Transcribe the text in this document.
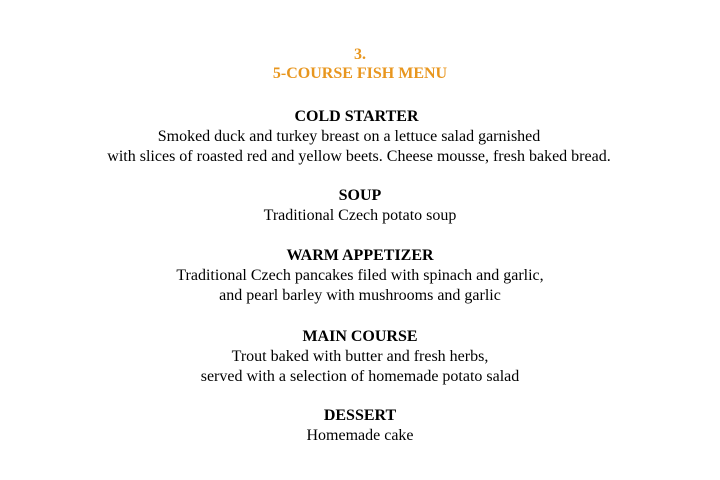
3.
5-COURSE FISH MENU
COLD STARTER
Smoked duck and turkey breast on a lettuce salad garnished
with slices of roasted red and yellow beets. Cheese mousse, fresh baked bread.
SOUP
Traditional Czech potato soup
WARM APPETIZER
Traditional Czech pancakes filed with spinach and garlic,
and pearl barley with mushrooms and garlic
MAIN COURSE
Trout baked with butter and fresh herbs,
served with a selection of homemade potato salad
DESSERT
Homemade cake
